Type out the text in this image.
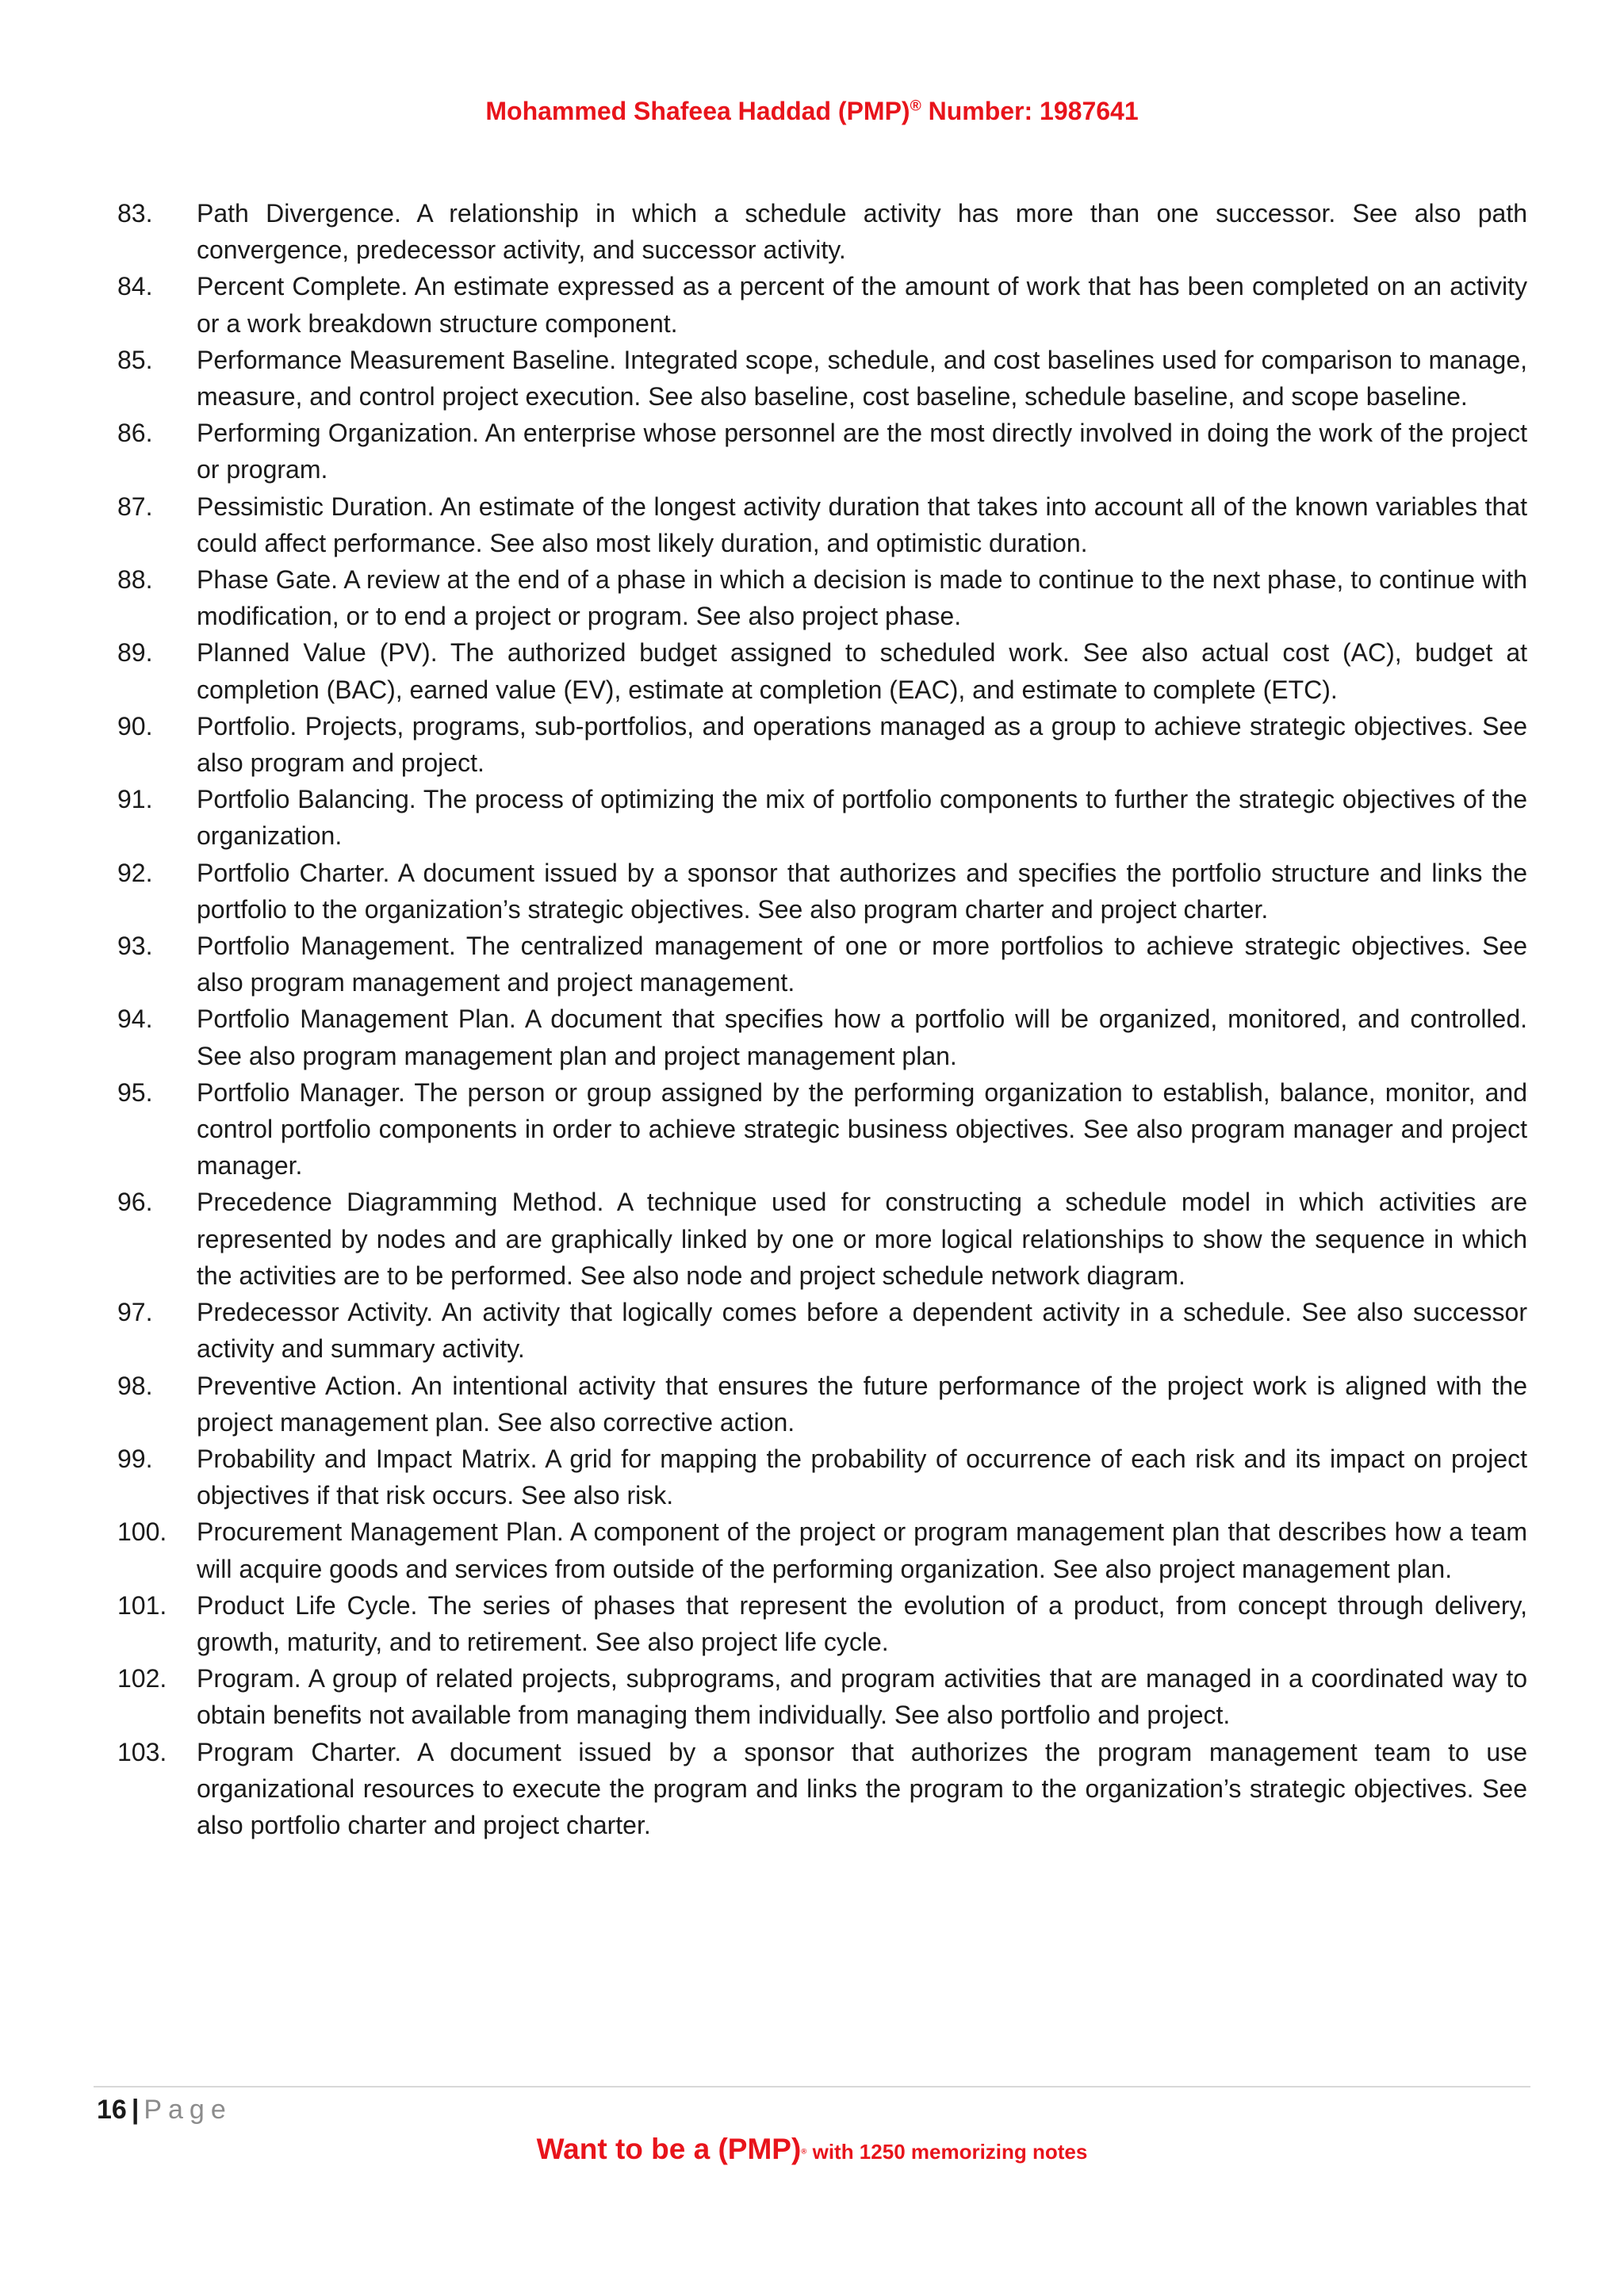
Mohammed Shafeea Haddad (PMP)® Number: 1987641
83.	Path Divergence. A relationship in which a schedule activity has more than one successor. See also path convergence, predecessor activity, and successor activity.
84.	Percent Complete. An estimate expressed as a percent of the amount of work that has been completed on an activity or a work breakdown structure component.
85.	Performance Measurement Baseline. Integrated scope, schedule, and cost baselines used for comparison to manage, measure, and control project execution. See also baseline, cost baseline, schedule baseline, and scope baseline.
86.	Performing Organization. An enterprise whose personnel are the most directly involved in doing the work of the project or program.
87.	Pessimistic Duration. An estimate of the longest activity duration that takes into account all of the known variables that could affect performance. See also most likely duration, and optimistic duration.
88.	Phase Gate. A review at the end of a phase in which a decision is made to continue to the next phase, to continue with modification, or to end a project or program. See also project phase.
89.	Planned Value (PV). The authorized budget assigned to scheduled work. See also actual cost (AC), budget at completion (BAC), earned value (EV), estimate at completion (EAC), and estimate to complete (ETC).
90.	Portfolio. Projects, programs, sub-portfolios, and operations managed as a group to achieve strategic objectives. See also program and project.
91.	Portfolio Balancing. The process of optimizing the mix of portfolio components to further the strategic objectives of the organization.
92.	Portfolio Charter. A document issued by a sponsor that authorizes and specifies the portfolio structure and links the portfolio to the organization’s strategic objectives. See also program charter and project charter.
93.	Portfolio Management. The centralized management of one or more portfolios to achieve strategic objectives. See also program management and project management.
94.	Portfolio Management Plan. A document that specifies how a portfolio will be organized, monitored, and controlled. See also program management plan and project management plan.
95.	Portfolio Manager. The person or group assigned by the performing organization to establish, balance, monitor, and control portfolio components in order to achieve strategic business objectives. See also program manager and project manager.
96.	Precedence Diagramming Method. A technique used for constructing a schedule model in which activities are represented by nodes and are graphically linked by one or more logical relationships to show the sequence in which the activities are to be performed. See also node and project schedule network diagram.
97.	Predecessor Activity. An activity that logically comes before a dependent activity in a schedule. See also successor activity and summary activity.
98.	Preventive Action. An intentional activity that ensures the future performance of the project work is aligned with the project management plan. See also corrective action.
99.	Probability and Impact Matrix. A grid for mapping the probability of occurrence of each risk and its impact on project objectives if that risk occurs. See also risk.
100.	Procurement Management Plan. A component of the project or program management plan that describes how a team will acquire goods and services from outside of the performing organization. See also project management plan.
101.	Product Life Cycle. The series of phases that represent the evolution of a product, from concept through delivery, growth, maturity, and to retirement. See also project life cycle.
102.	Program. A group of related projects, subprograms, and program activities that are managed in a coordinated way to obtain benefits not available from managing them individually. See also portfolio and project.
103.	Program Charter. A document issued by a sponsor that authorizes the program management team to use organizational resources to execute the program and links the program to the organization’s strategic objectives. See also portfolio charter and project charter.
16 | Page
Want to be a (PMP)® with 1250 memorizing notes
